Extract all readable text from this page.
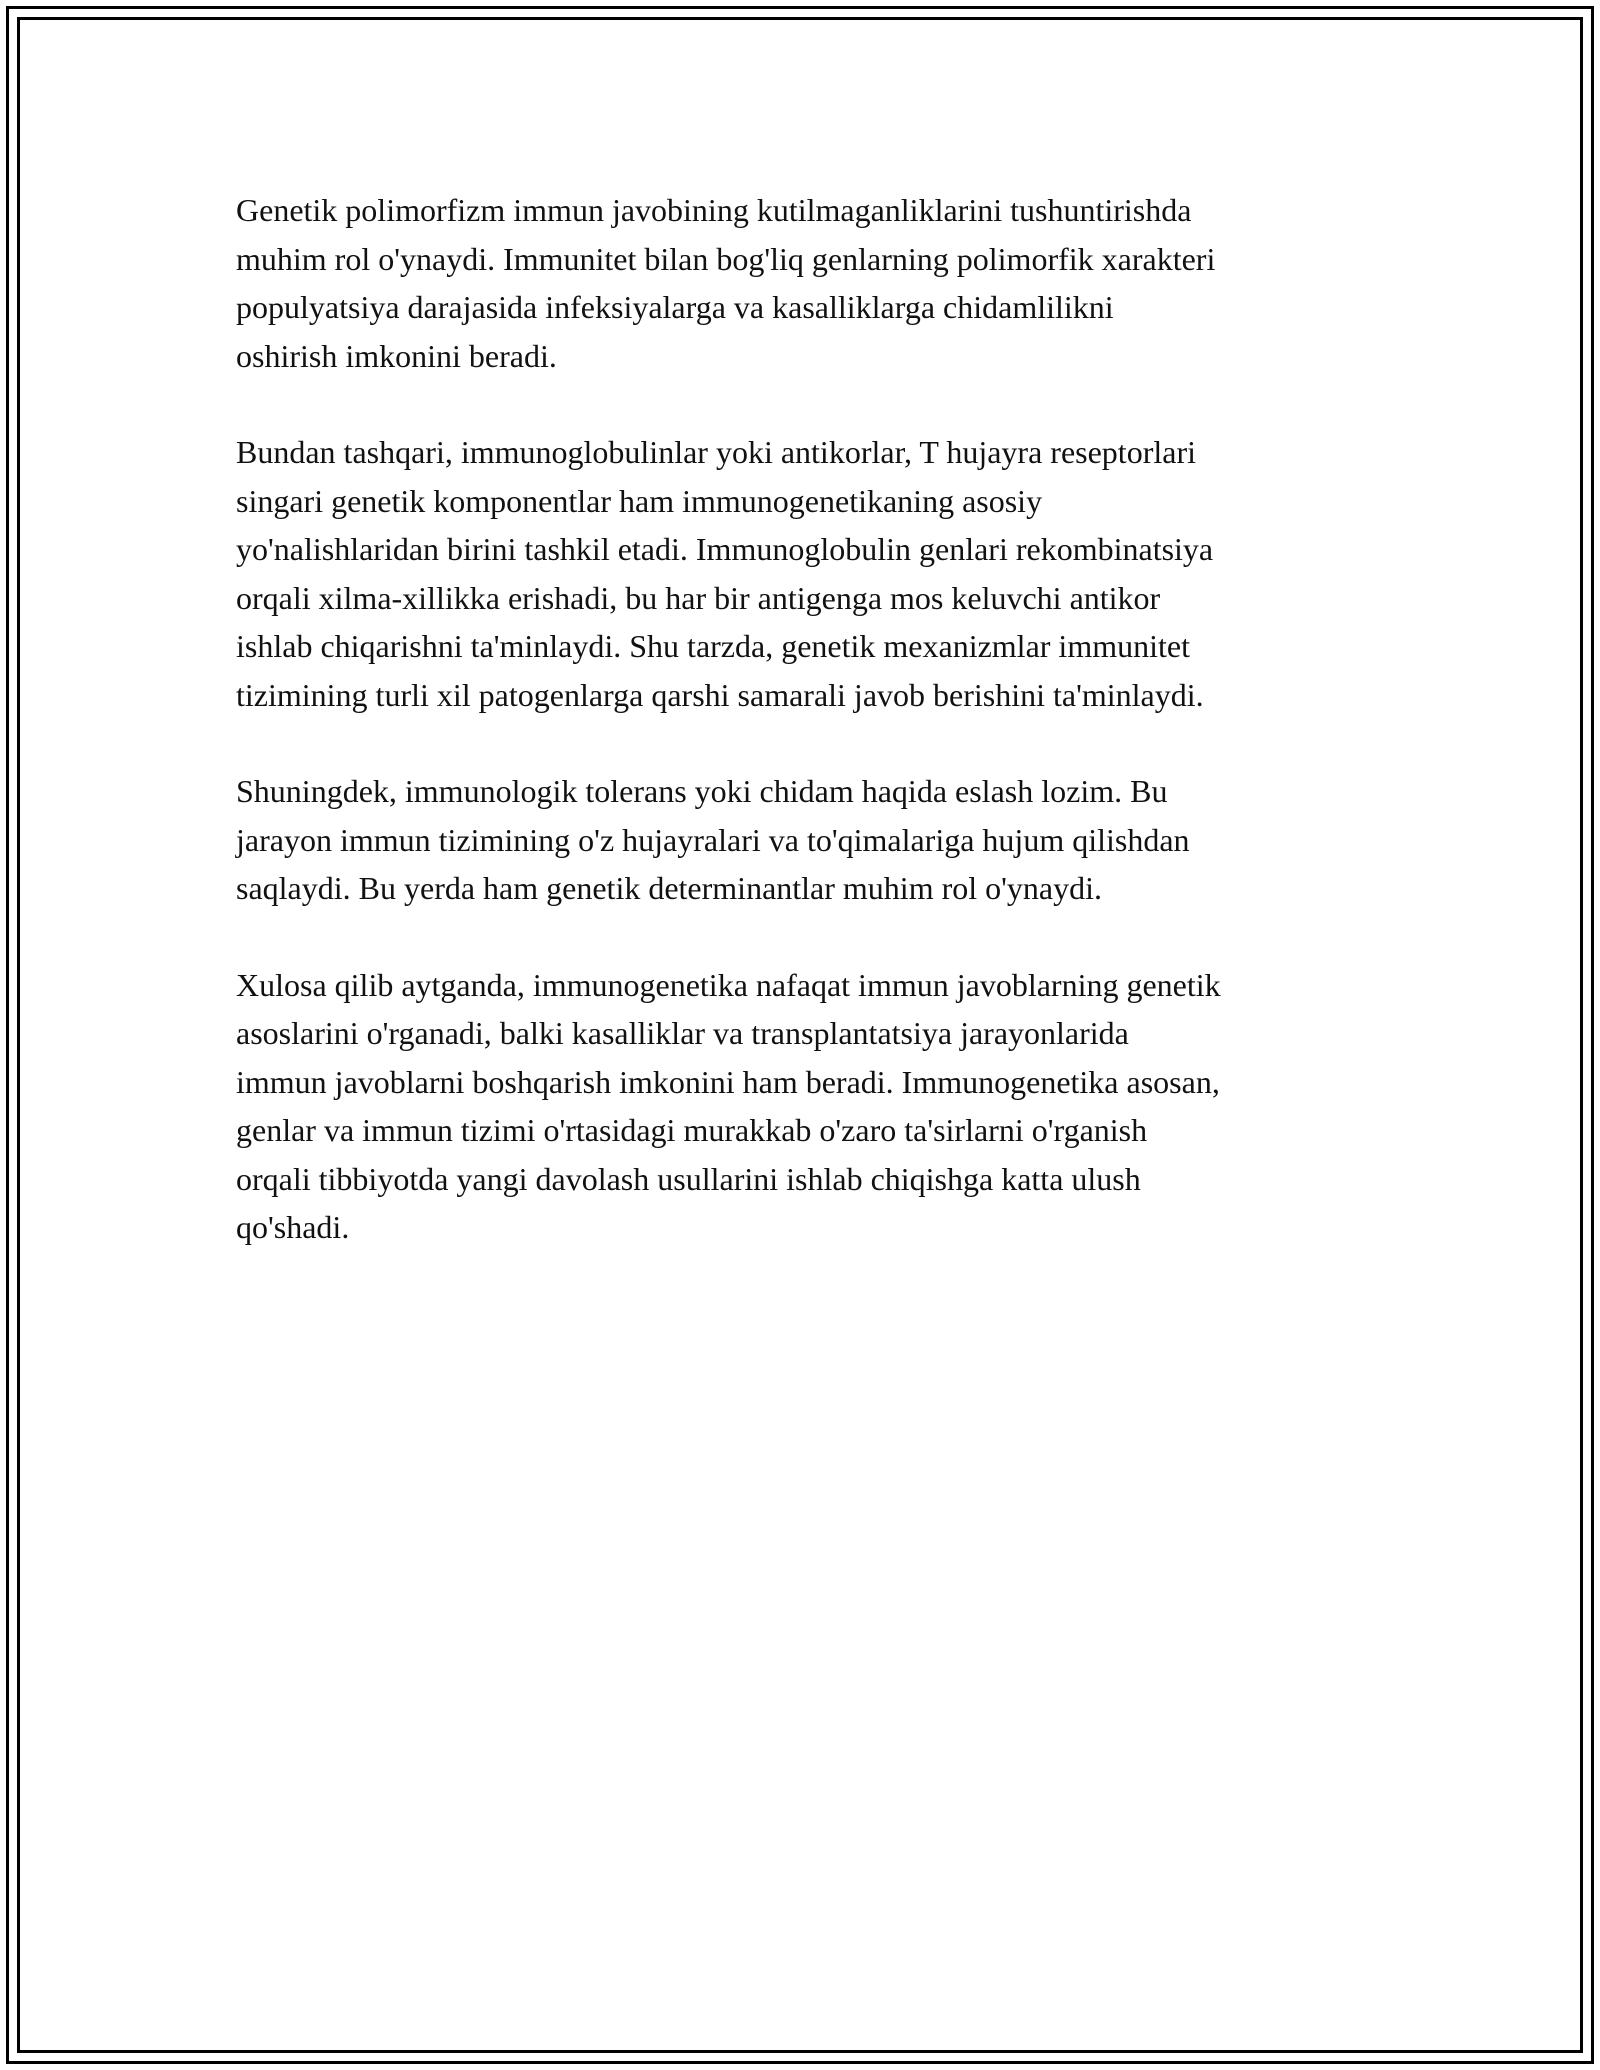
Genetik polimorfizm immun javobining kutilmaganliklarini tushuntirishda
muhim rol o'ynaydi. Immunitet bilan bog'liq genlarning polimorfik xarakteri
populyatsiya darajasida infeksiyalarga va kasalliklarga chidamlilikni
oshirish imkonini beradi.

Bundan tashqari, immunoglobulinlar yoki antikorlar, T hujayra reseptorlari
singari genetik komponentlar ham immunogenetikaning asosiy
yo'nalishlaridan birini tashkil etadi. Immunoglobulin genlari rekombinatsiya
orqali xilma-xillikka erishadi, bu har bir antigenga mos keluvchi antikor
ishlab chiqarishni ta'minlaydi. Shu tarzda, genetik mexanizmlar immunitet
tizimining turli xil patogenlarga qarshi samarali javob berishini ta'minlaydi.

Shuningdek, immunologik tolerans yoki chidam haqida eslash lozim. Bu
jarayon immun tizimining o'z hujayralari va to'qimalariga hujum qilishdan
saqlaydi. Bu yerda ham genetik determinantlar muhim rol o'ynaydi.

Xulosa qilib aytganda, immunogenetika nafaqat immun javoblarning genetik
asoslarini o'rganadi, balki kasalliklar va transplantatsiya jarayonlarida
immun javoblarni boshqarish imkonini ham beradi. Immunogenetika asosan,
genlar va immun tizimi o'rtasidagi murakkab o'zaro ta'sirlarni o'rganish
orqali tibbiyotda yangi davolash usullarini ishlab chiqishga katta ulush
qo'shadi.
